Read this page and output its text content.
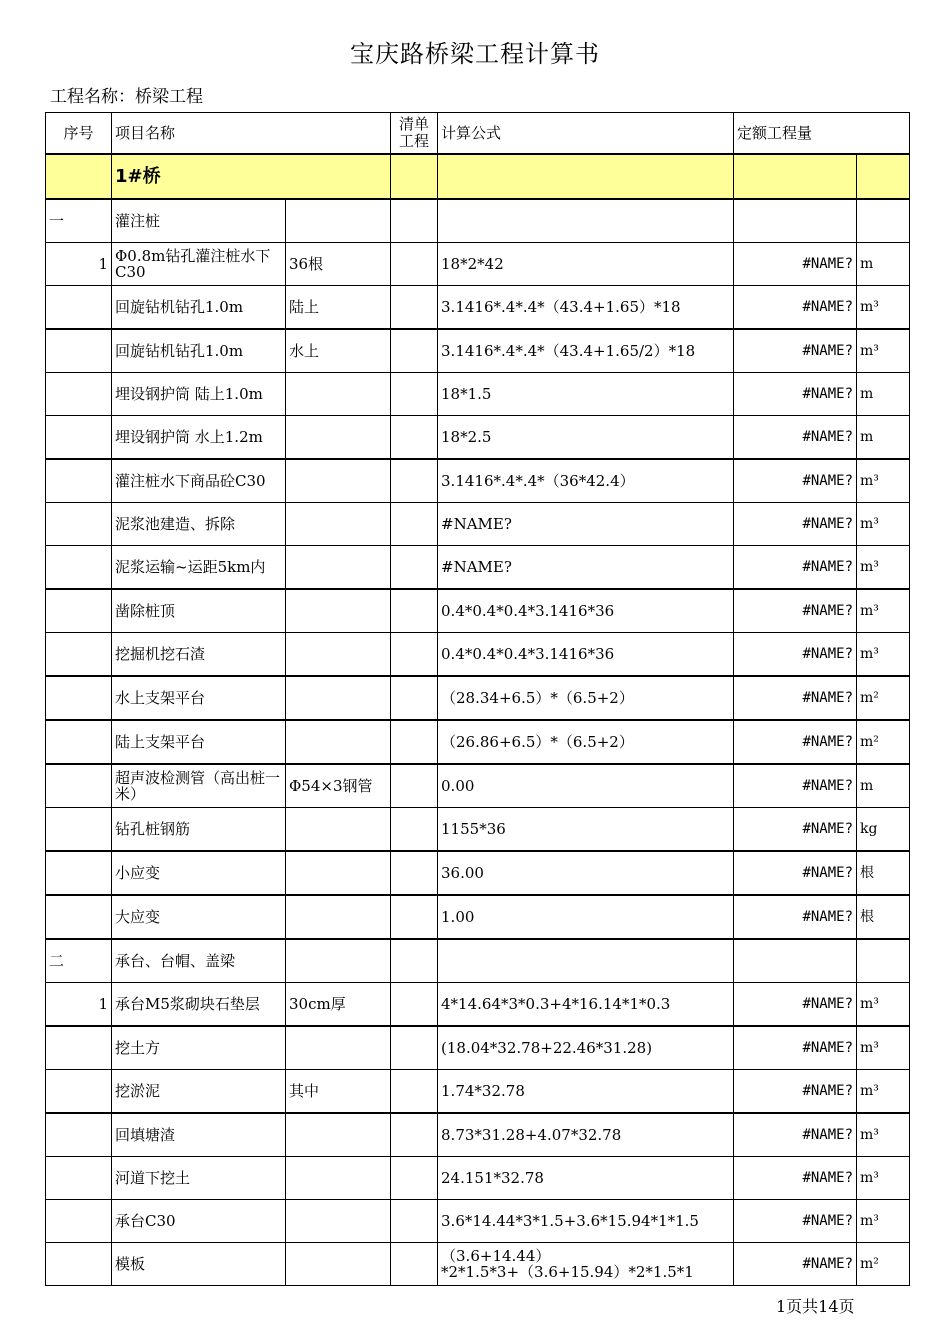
宝庆路桥梁工程计算书
工程名称：桥梁工程
序号	项目名称		清单
工程	计算公式	定额工程量	
	1#桥					
一	灌注桩					
1	Φ0.8m钻孔灌注桩水下C30	36根		18*2*42	#NAME?	m
	回旋钻机钻孔1.0m	陆上		3.1416*.4*.4*（43.4+1.65）*18	#NAME?	m³
	回旋钻机钻孔1.0m	水上		3.1416*.4*.4*（43.4+1.65/2）*18	#NAME?	m³
	埋设钢护筒 陆上1.0m			18*1.5	#NAME?	m
	埋设钢护筒 水上1.2m			18*2.5	#NAME?	m
	灌注桩水下商品砼C30			3.1416*.4*.4*（36*42.4）	#NAME?	m³
	泥浆池建造、拆除			#NAME?	#NAME?	m³
	泥浆运输~运距5km内			#NAME?	#NAME?	m³
	凿除桩顶			0.4*0.4*0.4*3.1416*36	#NAME?	m³
	挖掘机挖石渣			0.4*0.4*0.4*3.1416*36	#NAME?	m³
	水上支架平台			（28.34+6.5）*（6.5+2）	#NAME?	m²
	陆上支架平台			（26.86+6.5）*（6.5+2）	#NAME?	m²
	超声波检测管（高出桩一米）	Φ54×3钢管		0.00	#NAME?	m
	钻孔桩钢筋			1155*36	#NAME?	kg
	小应变			36.00	#NAME?	根
	大应变			1.00	#NAME?	根
二	承台、台帽、盖梁					
1	承台M5浆砌块石垫层	30cm厚		4*14.64*3*0.3+4*16.14*1*0.3	#NAME?	m³
	挖土方			(18.04*32.78+22.46*31.28)	#NAME?	m³
	挖淤泥	其中		1.74*32.78	#NAME?	m³
	回填塘渣			8.73*31.28+4.07*32.78	#NAME?	m³
	河道下挖土			24.151*32.78	#NAME?	m³
	承台C30			3.6*14.44*3*1.5+3.6*15.94*1*1.5	#NAME?	m³
	模板			（3.6+14.44）*2*1.5*3+（3.6+15.94）*2*1.5*1	#NAME?	m²
1页共14页
